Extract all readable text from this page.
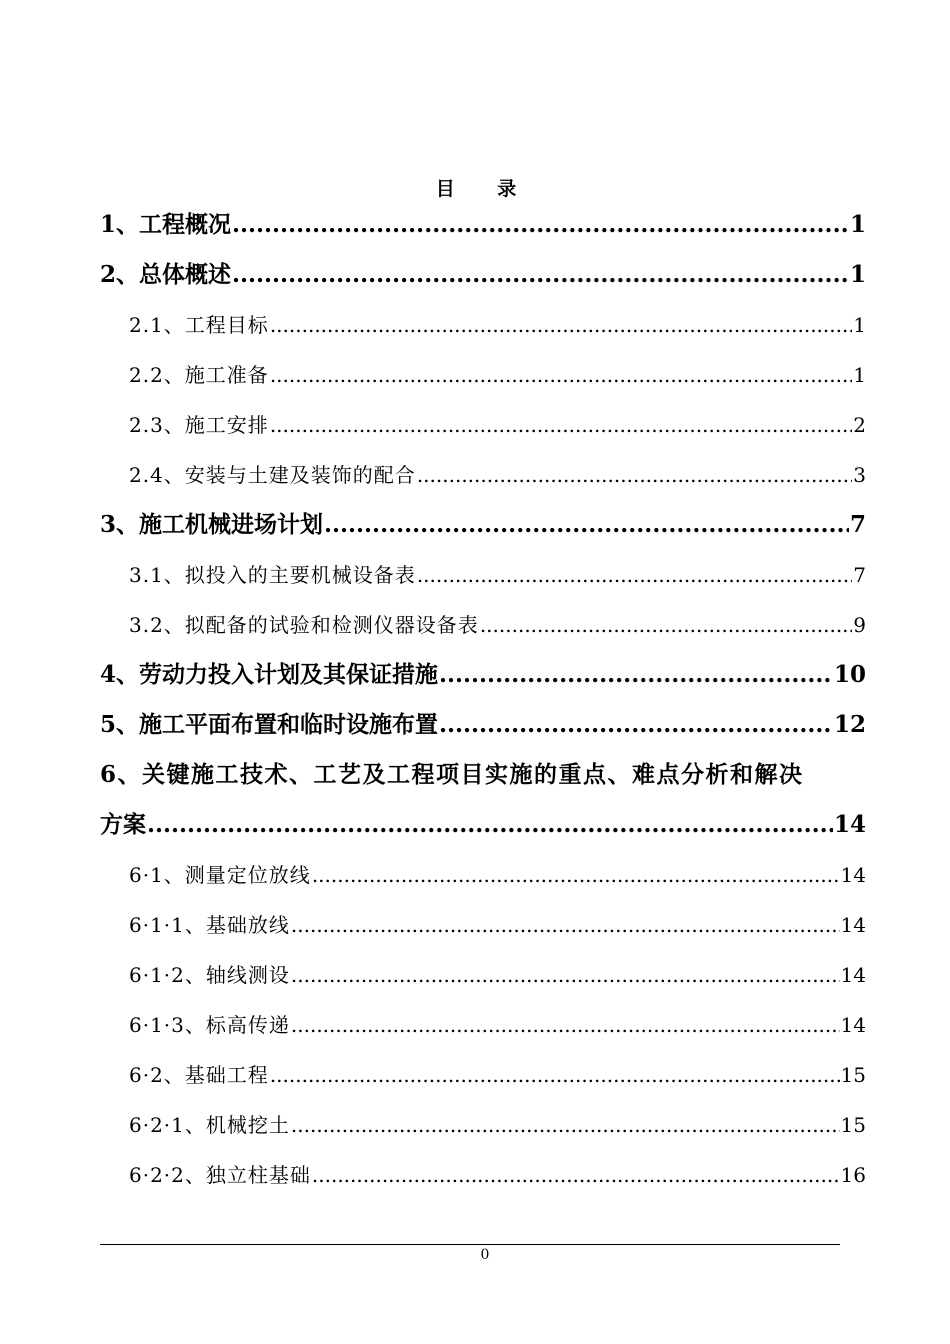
目 录
1、工程概况 .....	1
2、总体概述 .....	1
2.1、工程目标 .....	1
2.2、施工准备 .....	1
2.3、施工安排 .....	2
2.4、安装与土建及装饰的配合 .....	3
3、施工机械进场计划 .....	7
3.1、拟投入的主要机械设备表 .....	7
3.2、拟配备的试验和检测仪器设备表 .....	9
4、劳动力投入计划及其保证措施 .....	10
5、施工平面布置和临时设施布置 .....	12
6、关键施工技术、工艺及工程项目实施的重点、难点分析和解决
方案 .....	14
6·1、测量定位放线 .....	14
6·1·1、基础放线 .....	14
6·1·2、轴线测设 .....	14
6·1·3、标高传递 .....	14
6·2、基础工程 .....	15
6·2·1、机械挖土 .....	15
6·2·2、独立柱基础 .....	16
0
